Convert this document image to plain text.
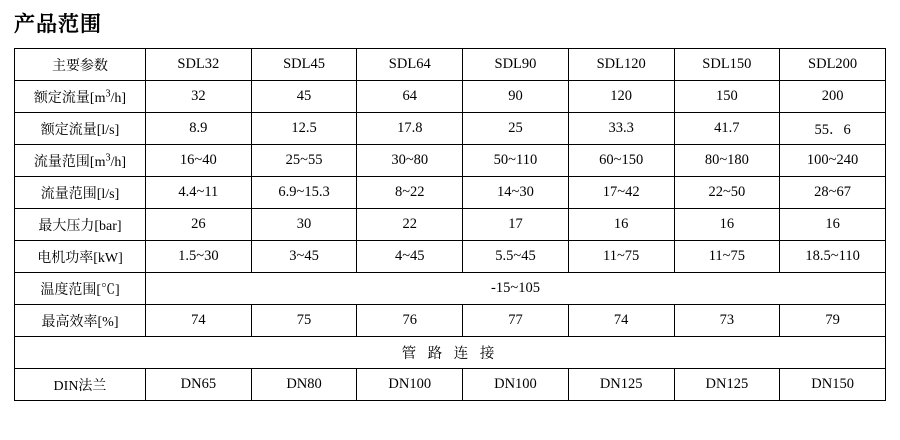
产品范围
主要参数	SDL32	SDL45	SDL64	SDL90	SDL120	SDL150	SDL200
额定流量$[m^3/h]$	32	45	64	90	120	150	200
额定流量[l/s]	8.9	12.5	17.8	25	33.3	41.7	55．6
流量范围$[m^3/h]$	16~40	25~55	30~80	50~110	60~150	80~180	100~240
流量范围[l/s]	4.4~11	6.9~15.3	8~22	14~30	17~42	22~50	28~67
最大压力[bar]	26	30	22	17	16	16	16
电机功率[kW]	1.5~30	3~45	4~45	5.5~45	11~75	11~75	18.5~110
温度范围[℃]	-15~105						
最高效率[%]	74	75	76	77	74	73	79
管 路 连 接							
DIN法兰	DN65	DN80	DN100	DN100	DN125	DN125	DN150
